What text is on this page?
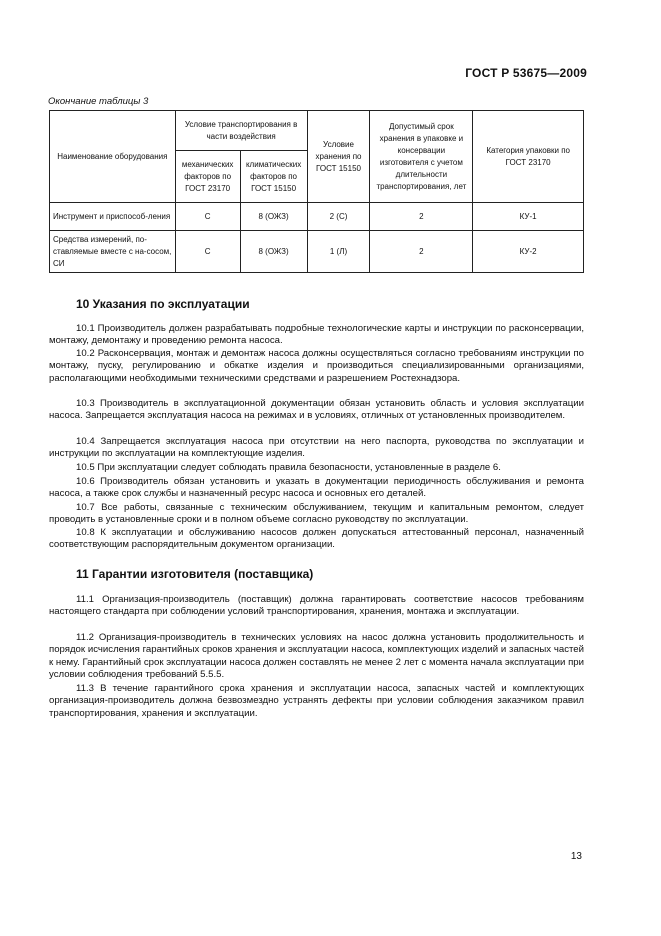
ГОСТ Р 53675—2009
Окончание таблицы 3
Наименование оборудования	Условие транспортирования в части воздействия		Условие хранения по ГОСТ 15150	Допустимый срок хранения в упаковке и консервации изготовителя с учетом длительности транспортирования, лет	Категория упаковки по ГОСТ 23170
	механических факторов по ГОСТ 23170	климатических факторов по ГОСТ 15150			
Инструмент и приспособ-ления	С	8 (ОЖЗ)	2 (С)	2	КУ-1
Средства измерений, по-ставляемые вместе с на-сосом, СИ	С	8 (ОЖЗ)	1 (Л)	2	КУ-2
10 Указания по эксплуатации
10.1 Производитель должен разрабатывать подробные технологические карты и инструкции по расконсервации, монтажу, демонтажу и проведению ремонта насоса.
10.2 Расконсервация, монтаж и демонтаж насоса должны осуществляться согласно требованиям инструкции по монтажу, пуску, регулированию и обкатке изделия и производиться специализированными организациями, располагающими необходимыми техническими средствами и разрешением Ростехнадзора.
10.3 Производитель в эксплуатационной документации обязан установить область и условия эксплуатации насоса. Запрещается эксплуатация насоса на режимах и в условиях, отличных от установленных производителем.
10.4 Запрещается эксплуатация насоса при отсутствии на него паспорта, руководства по эксплуатации и инструкции по эксплуатации на комплектующие изделия.
10.5 При эксплуатации следует соблюдать правила безопасности, установленные в разделе 6.
10.6 Производитель обязан установить и указать в документации периодичность обслуживания и ремонта насоса, а также срок службы и назначенный ресурс насоса и основных его деталей.
10.7 Все работы, связанные с техническим обслуживанием, текущим и капитальным ремонтом, следует проводить в установленные сроки и в полном объеме согласно руководству по эксплуатации.
10.8 К эксплуатации и обслуживанию насосов должен допускаться аттестованный персонал, назначенный соответствующим распорядительным документом организации.
11 Гарантии изготовителя (поставщика)
11.1 Организация-производитель (поставщик) должна гарантировать соответствие насосов требованиям настоящего стандарта при соблюдении условий транспортирования, хранения, монтажа и эксплуатации.
11.2 Организация-производитель в технических условиях на насос должна установить продолжительность и порядок исчисления гарантийных сроков хранения и эксплуатации насоса, комплектующих изделий и запасных частей к нему. Гарантийный срок эксплуатации насоса должен составлять не менее 2 лет с момента начала эксплуатации при условии соблюдения требований 5.5.5.
11.3 В течение гарантийного срока хранения и эксплуатации насоса, запасных частей и комплектующих организация-производитель должна безвозмездно устранять дефекты при условии соблюдения заказчиком правил транспортирования, хранения и эксплуатации.
13
